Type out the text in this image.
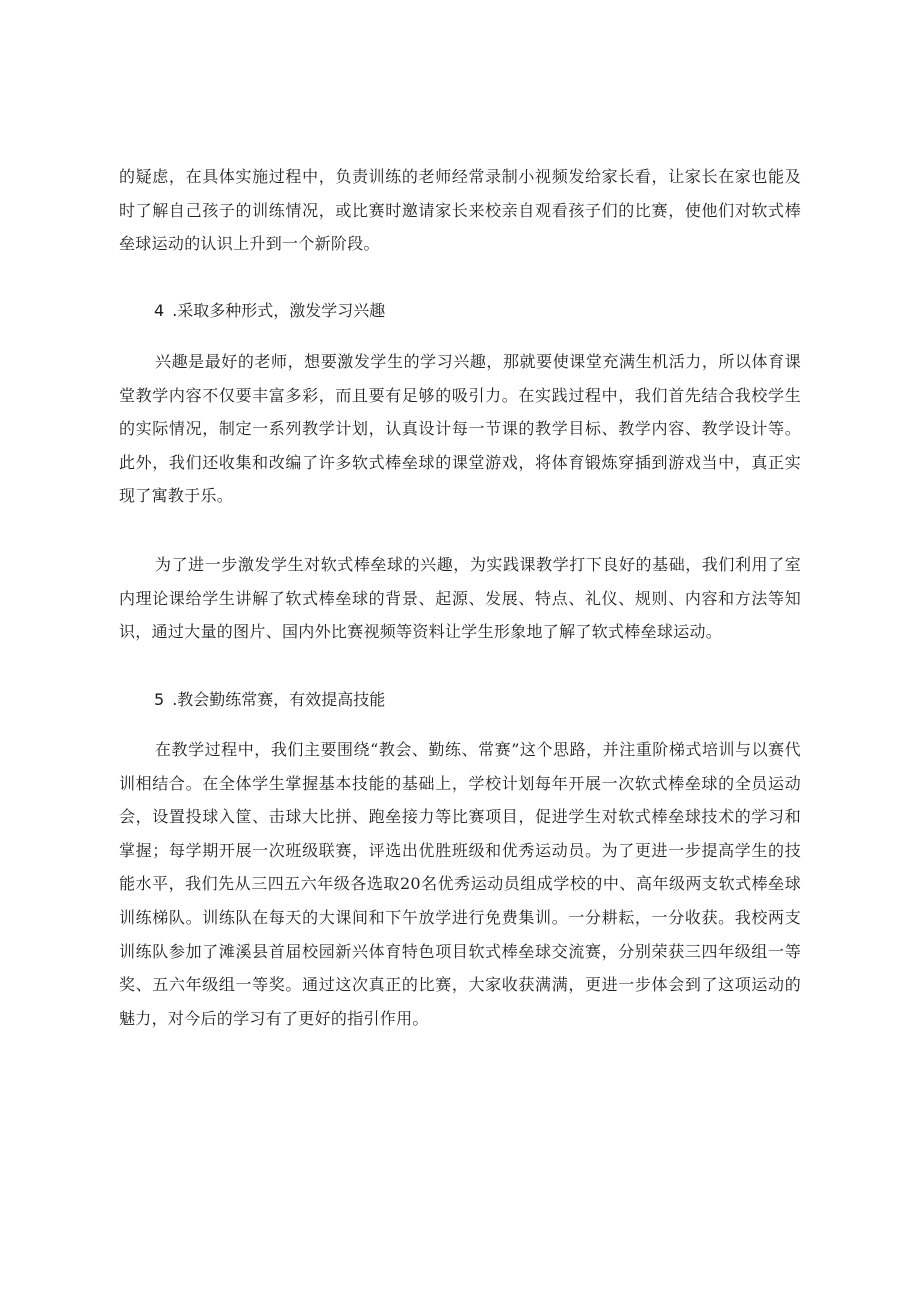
的疑虑，在具体实施过程中，负责训练的老师经常录制小视频发给家长看，让家长在家也能及时了解自己孩子的训练情况，或比赛时邀请家长来校亲自观看孩子们的比赛，使他们对软式棒垒球运动的认识上升到一个新阶段。

4 .采取多种形式，激发学习兴趣

兴趣是最好的老师，想要激发学生的学习兴趣，那就要使课堂充满生机活力，所以体育课堂教学内容不仅要丰富多彩，而且要有足够的吸引力。在实践过程中，我们首先结合我校学生的实际情况，制定一系列教学计划，认真设计每一节课的教学目标、教学内容、教学设计等。此外，我们还收集和改编了许多软式棒垒球的课堂游戏，将体育锻炼穿插到游戏当中，真正实现了寓教于乐。

为了进一步激发学生对软式棒垒球的兴趣，为实践课教学打下良好的基础，我们利用了室内理论课给学生讲解了软式棒垒球的背景、起源、发展、特点、礼仪、规则、内容和方法等知识，通过大量的图片、国内外比赛视频等资料让学生形象地了解了软式棒垒球运动。

5 .教会勤练常赛，有效提高技能

在教学过程中，我们主要围绕“教会、勤练、常赛”这个思路，并注重阶梯式培训与以赛代训相结合。在全体学生掌握基本技能的基础上，学校计划每年开展一次软式棒垒球的全员运动会，设置投球入筐、击球大比拼、跑垒接力等比赛项目，促进学生对软式棒垒球技术的学习和掌握；每学期开展一次班级联赛，评选出优胜班级和优秀运动员。为了更进一步提高学生的技能水平，我们先从三四五六年级各选取20名优秀运动员组成学校的中、高年级两支软式棒垒球训练梯队。训练队在每天的大课间和下午放学进行免费集训。一分耕耘，一分收获。我校两支训练队参加了滩溪县首届校园新兴体育特色项目软式棒垒球交流赛，分别荣获三四年级组一等奖、五六年级组一等奖。通过这次真正的比赛，大家收获满满，更进一步体会到了这项运动的魅力，对今后的学习有了更好的指引作用。
